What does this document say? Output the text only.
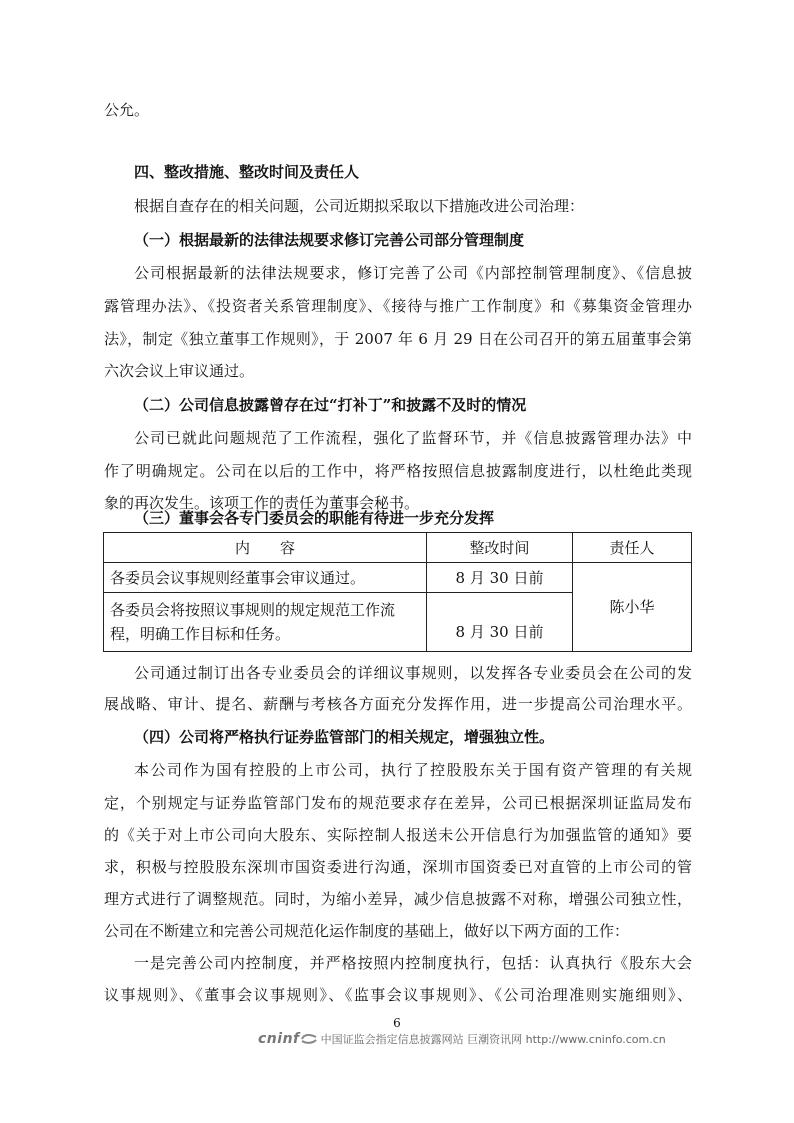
公允。
四、整改措施、整改时间及责任人
根据自查存在的相关问题，公司近期拟采取以下措施改进公司治理：
（一）根据最新的法律法规要求修订完善公司部分管理制度
公司根据最新的法律法规要求，修订完善了公司《内部控制管理制度》、《信息披
露管理办法》、《投资者关系管理制度》、《接待与推广工作制度》和《募集资金管理办
法》，制定《独立董事工作规则》，于 2007 年 6 月 29 日在公司召开的第五届董事会第
六次会议上审议通过。
（二）公司信息披露曾存在过“打补丁”和披露不及时的情况
公司已就此问题规范了工作流程，强化了监督环节，并《信息披露管理办法》中
作了明确规定。公司在以后的工作中，将严格按照信息披露制度进行，以杜绝此类现
象的再次发生。该项工作的责任为董事会秘书。
（三）董事会各专门委员会的职能有待进一步充分发挥
内　　容	整改时间	责任人
各委员会议事规则经董事会审议通过。	8 月 30 日前	陈小华

各委员会将按照议事规则的规定规范工作流
程，明确工作目标和任务。	8 月 30 日前	
公司通过制订出各专业委员会的详细议事规则，以发挥各专业委员会在公司的发
展战略、审计、提名、薪酬与考核各方面充分发挥作用，进一步提高公司治理水平。
（四）公司将严格执行证券监管部门的相关规定，增强独立性。
本公司作为国有控股的上市公司，执行了控股股东关于国有资产管理的有关规
定，个别规定与证券监管部门发布的规范要求存在差异，公司已根据深圳证监局发布
的《关于对上市公司向大股东、实际控制人报送未公开信息行为加强监管的通知》要
求，积极与控股股东深圳市国资委进行沟通，深圳市国资委已对直管的上市公司的管
理方式进行了调整规范。同时，为缩小差异，减少信息披露不对称，增强公司独立性，
公司在不断建立和完善公司规范化运作制度的基础上，做好以下两方面的工作：
一是完善公司内控制度，并严格按照内控制度执行，包括：认真执行《股东大会
议事规则》、《董事会议事规则》、《监事会议事规则》、《公司治理准则实施细则》、
6
cninf 中国证监会指定信息披露网站 巨潮资讯网 http://www.cninfo.com.cn
